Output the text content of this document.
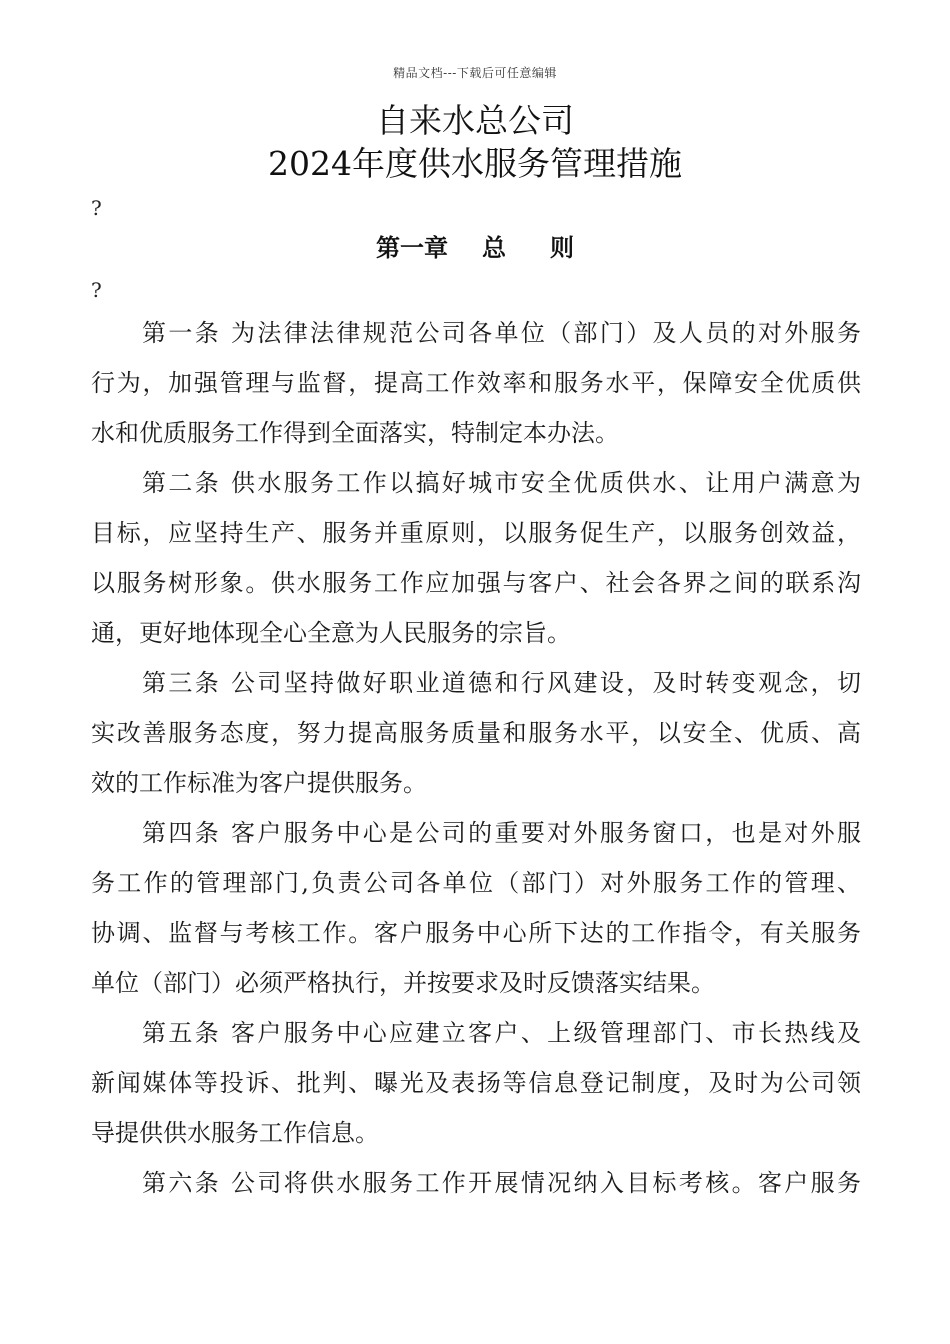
精品文档---下载后可任意编辑
自来水总公司
2024年度供水服务管理措施
?
第一章 总 则
?
第一条 为法律法律规范公司各单位（部门）及人员的对外服务
行为，加强管理与监督，提高工作效率和服务水平，保障安全优质供
水和优质服务工作得到全面落实，特制定本办法。
第二条 供水服务工作以搞好城市安全优质供水、让用户满意为
目标，应坚持生产、服务并重原则，以服务促生产，以服务创效益，
以服务树形象。供水服务工作应加强与客户、社会各界之间的联系沟
通，更好地体现全心全意为人民服务的宗旨。
第三条 公司坚持做好职业道德和行风建设，及时转变观念，切
实改善服务态度，努力提高服务质量和服务水平，以安全、优质、高
效的工作标准为客户提供服务。
第四条 客户服务中心是公司的重要对外服务窗口，也是对外服
务工作的管理部门,负责公司各单位（部门）对外服务工作的管理、
协调、监督与考核工作。客户服务中心所下达的工作指令，有关服务
单位（部门）必须严格执行，并按要求及时反馈落实结果。
第五条 客户服务中心应建立客户、上级管理部门、市长热线及
新闻媒体等投诉、批判、曝光及表扬等信息登记制度，及时为公司领
导提供供水服务工作信息。
第六条 公司将供水服务工作开展情况纳入目标考核。客户服务
